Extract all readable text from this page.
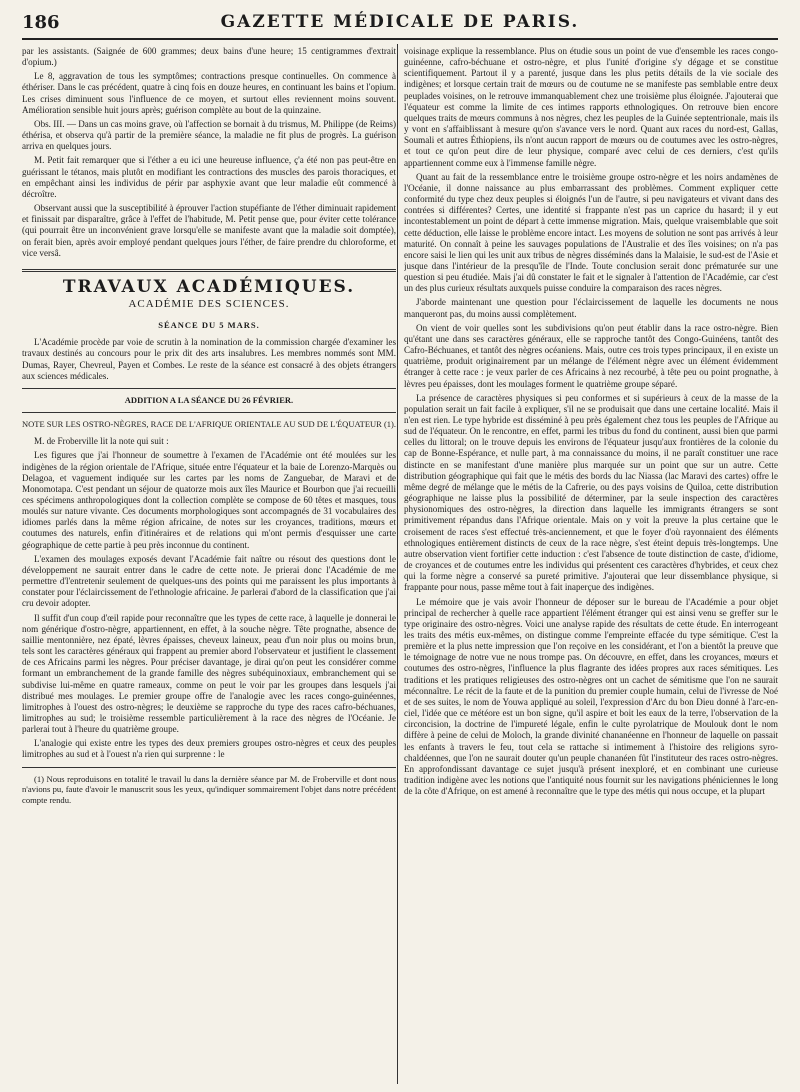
186	GAZETTE MÉDICALE DE PARIS.

par les assistants. (Saignée de 600 grammes; deux bains d'une heure; 15 centigrammes d'extrait d'opium.)

Le 8, aggravation de tous les symptômes; contractions presque continuelles. On commence à éthériser. Dans le cas précédent, quatre à cinq fois en douze heures, en continuant les bains et l'opium. Les crises diminuent sous l'influence de ce moyen, et surtout elles reviennent moins souvent. Amélioration sensible huit jours après; guérison complète au bout de la quinzaine.

Obs. III. — Dans un cas moins grave, où l'affection se bornait à du trismus, M. Philippe (de Reims) éthérisa, et observa qu'à partir de la première séance, la maladie ne fit plus de progrès. La guérison arriva en quelques jours.

M. Petit fait remarquer que si l'éther a eu ici une heureuse influence, ç'a été non pas peut-être en guérissant le tétanos, mais plutôt en modifiant les contractions des muscles des parois thoraciques, et en empêchant ainsi les individus de périr par asphyxie avant que leur maladie eût commencé à décroître.

Observant aussi que la susceptibilité à éprouver l'action stupéfiante de l'éther diminuait rapidement et finissait par disparaître, grâce à l'effet de l'habitude, M. Petit pense que, pour éviter cette tolérance (qui pourrait être un inconvénient grave lorsqu'elle se manifeste avant que la maladie soit domptée), on ferait bien, après avoir employé pendant quelques jours l'éther, de faire prendre du chloroforme, et vice versâ.

TRAVAUX ACADÉMIQUES.
ACADÉMIE DES SCIENCES.
SÉANCE DU 5 MARS.

L'Académie procède par voie de scrutin à la nomination de la commission chargée d'examiner les travaux destinés au concours pour le prix dit des arts insalubres. Les membres nommés sont MM. Dumas, Rayer, Chevreul, Payen et Combes. Le reste de la séance est consacré à des objets étrangers aux sciences médicales.

ADDITION A LA SÉANCE DU 26 FÉVRIER.
NOTE SUR LES OSTRO-NÈGRES, RACE DE L'AFRIQUE ORIENTALE AU SUD DE L'ÉQUATEUR (1).

M. de Froberville lit la note qui suit :

Les figures que j'ai l'honneur de soumettre à l'examen de l'Académie ont été moulées sur les indigènes de la région orientale de l'Afrique, située entre l'équateur et la baie de Lorenzo-Marquès ou Delagoa, et vaguement indiquée sur les cartes par les noms de Zanguebar, de Maravi et de Monomotapa. C'est pendant un séjour de quatorze mois aux îles Maurice et Bourbon que j'ai recueilli ces spécimens anthropologiques dont la collection complète se compose de 60 têtes et masques, tous moulés sur nature vivante. Ces documents morphologiques sont accompagnés de 31 vocabulaires des idiomes parlés dans la même région africaine, de notes sur les croyances, traditions, mœurs et coutumes des naturels, enfin d'itinéraires et de relations qui m'ont permis d'esquisser une carte géographique de cette partie à peu près inconnue du continent.

L'examen des moulages exposés devant l'Académie fait naître ou résout des questions dont le développement ne saurait entrer dans le cadre de cette note. Je prierai donc l'Académie de me permettre d'l'entretenir seulement de quelques-uns des points qui me paraissent les plus importants à constater pour l'éclaircissement de l'ethnologie africaine. Je parlerai d'abord de la classification que j'ai cru devoir adopter.

Il suffit d'un coup d'œil rapide pour reconnaître que les types de cette race, à laquelle je donnerai le nom générique d'ostro-nègre, appartiennent, en effet, à la souche nègre. Tête prognathe, absence de saillie mentonnière, nez épaté, lèvres épaisses, cheveux laineux, peau d'un noir plus ou moins brun, tels sont les caractères généraux qui frappent au premier abord l'observateur et justifient le classement de ces Africains parmi les nègres. Pour préciser davantage, je dirai qu'on peut les considérer comme formant un embranchement de la grande famille des nègres subéquinoxiaux, embranchement qui se subdivise lui-même en quatre rameaux, comme on peut le voir par les groupes dans lesquels j'ai distribué mes moulages. Le premier groupe offre de l'analogie avec les races congo-guinéennes, limitrophes à l'ouest des ostro-nègres; le deuxième se rapproche du type des races cafro-béchuanes, limitrophes au sud; le troisième ressemble particulièrement à la race des nègres de l'Océanie. Je parlerai tout à l'heure du quatrième groupe.

L'analogie qui existe entre les types des deux premiers groupes ostro-nègres et ceux des peuples limitrophes au sud et à l'ouest n'a rien qui surprenne : le

(1) Nous reproduisons en totalité le travail lu dans la dernière séance par M. de Froberville et dont nous n'avions pu, faute d'avoir le manuscrit sous les yeux, qu'indiquer sommairement l'objet dans notre précédent compte rendu.

voisinage explique la ressemblance. Plus on étudie sous un point de vue d'ensemble les races congo-guinéenne, cafro-béchuane et ostro-nègre, et plus l'unité d'origine s'y dégage et se constitue scientifiquement. Partout il y a parenté, jusque dans les plus petits détails de la vie sociale des indigènes; et lorsque certain trait de mœurs ou de coutume ne se manifeste pas semblable entre deux peuplades voisines, on le retrouve immanquablement chez une troisième plus éloignée. J'ajouterai que l'équateur est comme la limite de ces intimes rapports ethnologiques. On retrouve bien encore quelques traits de mœurs communs à nos nègres, chez les peuples de la Guinée septentrionale, mais ils y vont en s'affaiblissant à mesure qu'on s'avance vers le nord. Quant aux races du nord-est, Gallas, Soumali et autres Éthiopiens, ils n'ont aucun rapport de mœurs ou de coutumes avec les ostro-nègres, et tout ce qu'on peut dire de leur physique, comparé avec celui de ces derniers, c'est qu'ils appartiennent comme eux à l'immense famille nègre.

Quant au fait de la ressemblance entre le troisième groupe ostro-nègre et les noirs andamènes de l'Océanie, il donne naissance au plus embarrassant des problèmes. Comment expliquer cette conformité du type chez deux peuples si éloignés l'un de l'autre, si peu navigateurs et vivant dans des contrées si différentes? Certes, une identité si frappante n'est pas un caprice du hasard; il y eut incontestablement un point de départ à cette immense migration. Mais, quelque vraisemblable que soit cette déduction, elle laisse le problème encore intact. Les moyens de solution ne sont pas arrivés à leur maturité. On connaît à peine les sauvages populations de l'Australie et des îles voisines; on n'a pas encore saisi le lien qui les unit aux tribus de nègres disséminés dans la Malaisie, le sud-est de l'Asie et jusque dans l'intérieur de la presqu'île de l'Inde. Toute conclusion serait donc prématurée sur une question si peu étudiée. Mais j'ai dû constater le fait et le signaler à l'attention de l'Académie, car c'est un des plus curieux résultats auxquels puisse conduire la comparaison des races nègres.

J'aborde maintenant une question pour l'éclaircissement de laquelle les documents ne nous manqueront pas, du moins aussi complètement.

On vient de voir quelles sont les subdivisions qu'on peut établir dans la race ostro-nègre. Bien qu'étant une dans ses caractères généraux, elle se rapproche tantôt des Congo-Guinéens, tantôt des Cafro-Béchuanes, et tantôt des nègres océaniens. Mais, outre ces trois types principaux, il en existe un quatrième, produit originairement par un mélange de l'élément nègre avec un élément évidemment étranger à cette race : je veux parler de ces Africains à nez recourbé, à tête peu ou point prognathe, à lèvres peu épaisses, dont les moulages forment le quatrième groupe séparé.

La présence de caractères physiques si peu conformes et si supérieurs à ceux de la masse de la population serait un fait facile à expliquer, s'il ne se produisait que dans une certaine localité. Mais il n'en est rien. Le type hybride est disséminé à peu près également chez tous les peuples de l'Afrique au sud de l'équateur. On le rencontre, en effet, parmi les tribus du fond du continent, aussi bien que parmi celles du littoral; on le trouve depuis les environs de l'équateur jusqu'aux frontières de la colonie du cap de Bonne-Espérance, et nulle part, à ma connaissance du moins, il ne paraît constituer une race distincte en se manifestant d'une manière plus marquée sur un point que sur un autre. Cette distribution géographique qui fait que le métis des bords du lac Niassa (lac Maravi des cartes) offre le même degré de mélange que le métis de la Cafrerie, ou des pays voisins de Quiloa, cette distribution géographique ne laisse plus la possibilité de déterminer, par la seule inspection des caractères physionomiques des ostro-nègres, la direction dans laquelle les immigrants étrangers se sont primitivement répandus dans l'Afrique orientale. Mais on y voit la preuve la plus certaine que le croisement de races s'est effectué très-anciennement, et que le foyer d'où rayonnaient des éléments ethnologiques entièrement distincts de ceux de la race nègre, s'est éteint depuis très-longtemps. Une autre observation vient fortifier cette induction : c'est l'absence de toute distinction de caste, d'idiome, de croyances et de coutumes entre les individus qui présentent ces caractères d'hybrides, et ceux chez qui la forme nègre a conservé sa pureté primitive. J'ajouterai que leur dissemblance physique, si frappante pour nous, passe même tout à fait inaperçue des indigènes.

Le mémoire que je vais avoir l'honneur de déposer sur le bureau de l'Académie a pour objet principal de rechercher à quelle race appartient l'élément étranger qui est ainsi venu se greffer sur le type originaire des ostro-nègres. Voici une analyse rapide des résultats de cette étude. En interrogeant les traits des métis eux-mêmes, on distingue comme l'empreinte effacée du type sémitique. C'est la première et la plus nette impression que l'on reçoive en les considérant, et l'on a bientôt la preuve que le témoignage de notre vue ne nous trompe pas. On découvre, en effet, dans les croyances, mœurs et coutumes des ostro-nègres, l'influence la plus flagrante des idées propres aux races sémitiques. Les traditions et les pratiques religieuses des ostro-nègres ont un cachet de sémitisme que l'on ne saurait méconnaître. Le récit de la faute et de la punition du premier couple humain, celui de l'ivresse de Noé et de ses suites, le nom de Youwa appliqué au soleil, l'expression d'Arc du bon Dieu donné à l'arc-en-ciel, l'idée que ce météore est un bon signe, qu'il aspire et boit les eaux de la terre, l'observation de la circoncision, la doctrine de l'impureté légale, enfin le culte pyrolatrique de Moulouk dont le nom diffère à peine de celui de Moloch, la grande divinité chananéenne en l'honneur de laquelle on passait les enfants à travers le feu, tout cela se rattache si intimement à l'histoire des religions syro-chaldéennes, que l'on ne saurait douter qu'un peuple chananéen fût l'instituteur des races ostro-nègres. En approfondissant davantage ce sujet jusqu'à présent inexploré, et en combinant une curieuse tradition indigène avec les notions que l'antiquité nous fournit sur les navigations phéniciennes le long de la côte d'Afrique, on est amené à reconnaître que le type des métis qui nous occupe, et la plupart
